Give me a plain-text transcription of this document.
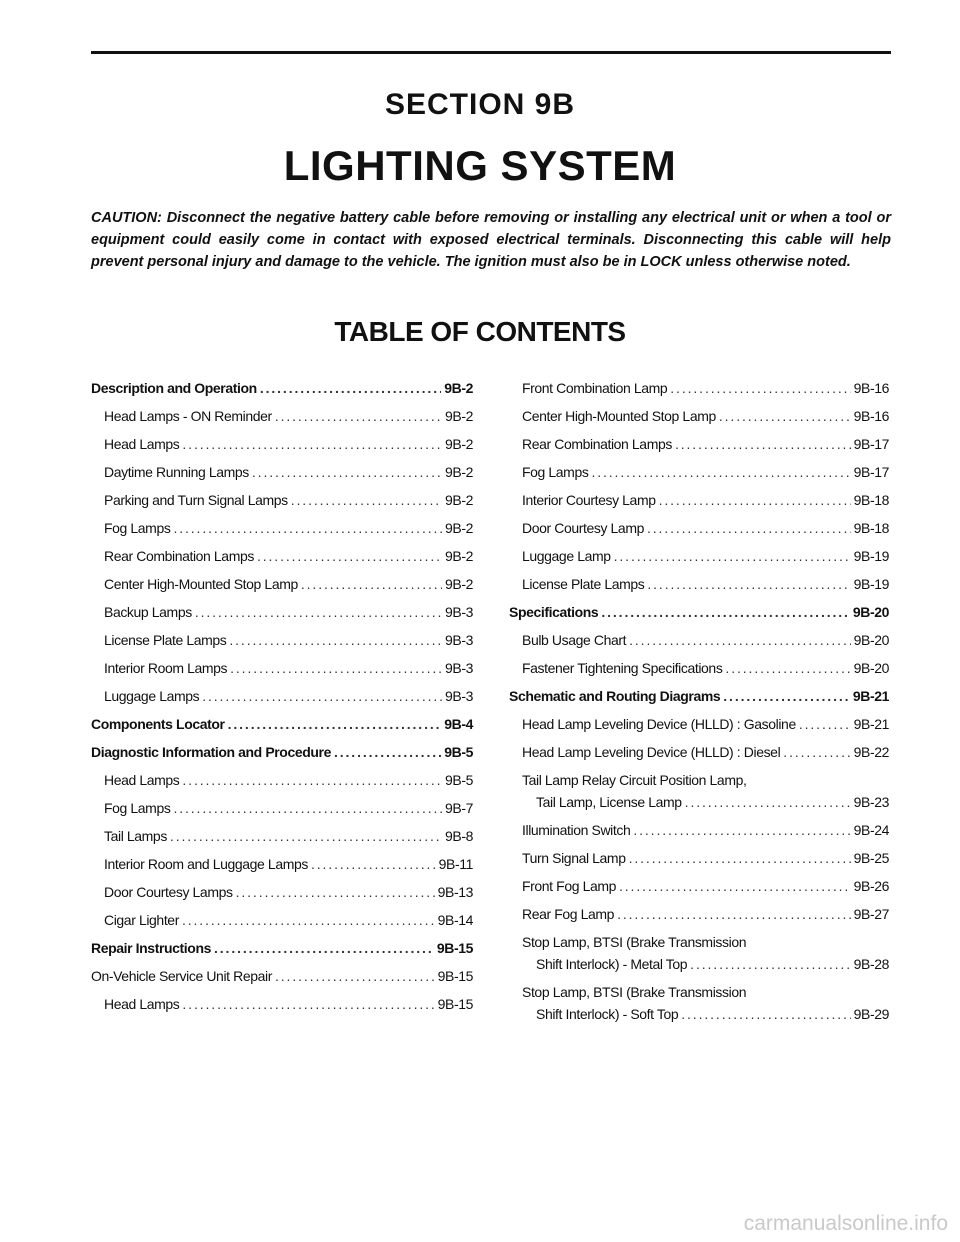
SECTION 9B
LIGHTING SYSTEM
CAUTION: Disconnect the negative battery cable before removing or installing any electrical unit or when a tool or equipment could easily come in contact with exposed electrical terminals. Disconnecting this cable will help prevent personal injury and damage to the vehicle. The ignition must also be in LOCK unless otherwise noted.
TABLE OF CONTENTS
Description and Operation . . .	9B-2
Head Lamps - ON Reminder . . .	9B-2
Head Lamps . . .	9B-2
Daytime Running Lamps . . .	9B-2
Parking and Turn Signal Lamps . . .	9B-2
Fog Lamps . . .	9B-2
Rear Combination Lamps . . .	9B-2
Center High-Mounted Stop Lamp . . .	9B-2
Backup Lamps . . .	9B-3
License Plate Lamps . . .	9B-3
Interior Room Lamps . . .	9B-3
Luggage Lamps . . .	9B-3
Components Locator . . .	9B-4
Diagnostic Information and Procedure . . .	9B-5
Head Lamps . . .	9B-5
Fog Lamps . . .	9B-7
Tail Lamps . . .	9B-8
Interior Room and Luggage Lamps . . .	9B-11
Door Courtesy Lamps . . .	9B-13
Cigar Lighter . . .	9B-14
Repair Instructions . . .	9B-15
On-Vehicle Service Unit Repair . . .	9B-15
Head Lamps . . .	9B-15
Front Combination Lamp . . .	9B-16
Center High-Mounted Stop Lamp . . .	9B-16
Rear Combination Lamps . . .	9B-17
Fog Lamps . . .	9B-17
Interior Courtesy Lamp . . .	9B-18
Door Courtesy Lamp . . .	9B-18
Luggage Lamp . . .	9B-19
License Plate Lamps . . .	9B-19
Specifications . . .	9B-20
Bulb Usage Chart . . .	9B-20
Fastener Tightening Specifications . . .	9B-20
Schematic and Routing Diagrams . . .	9B-21
Head Lamp Leveling Device (HLLD) : Gasoline . . .	9B-21
Head Lamp Leveling Device (HLLD) : Diesel . . .	9B-22
Tail Lamp Relay Circuit Position Lamp,
Tail Lamp, License Lamp . . .	9B-23
Illumination Switch . . .	9B-24
Turn Signal Lamp . . .	9B-25
Front Fog Lamp . . .	9B-26
Rear Fog Lamp . . .	9B-27
Stop Lamp, BTSI (Brake Transmission
Shift Interlock) - Metal Top . . .	9B-28
Stop Lamp, BTSI (Brake Transmission
Shift Interlock) - Soft Top . . .	9B-29
carmanualsonline.info
